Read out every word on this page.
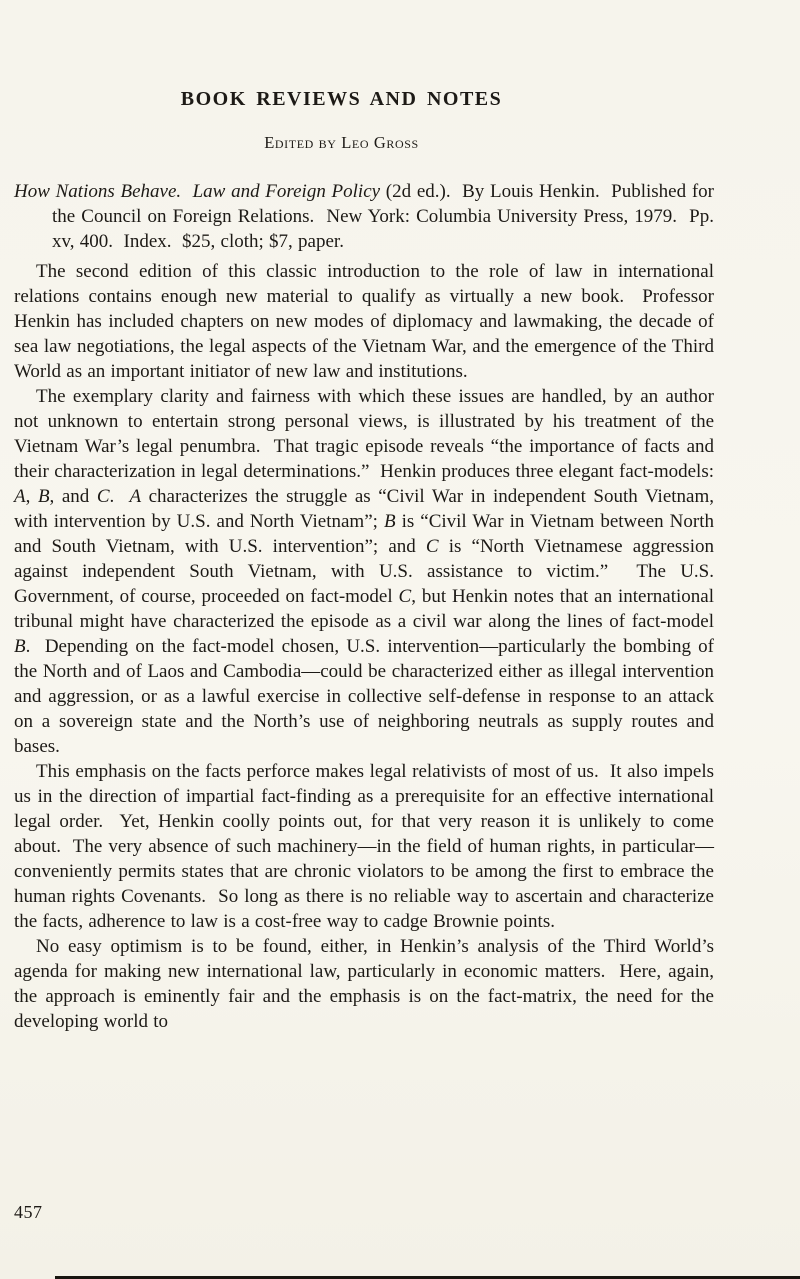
BOOK REVIEWS AND NOTES
Edited by Leo Gross
How Nations Behave.  Law and Foreign Policy (2d ed.).  By Louis Henkin.  Published for the Council on Foreign Relations.  New York: Columbia University Press, 1979.  Pp. xv, 400.  Index.  $25, cloth; $7, paper.

The second edition of this classic introduction to the role of law in international relations contains enough new material to qualify as virtually a new book.  Professor Henkin has included chapters on new modes of diplomacy and lawmaking, the decade of sea law negotiations, the legal aspects of the Vietnam War, and the emergence of the Third World as an important initiator of new law and institutions.

The exemplary clarity and fairness with which these issues are handled, by an author not unknown to entertain strong personal views, is illustrated by his treatment of the Vietnam War’s legal penumbra.  That tragic episode reveals “the importance of facts and their characterization in legal determinations.”  Henkin produces three elegant fact-models: A, B, and C.  A characterizes the struggle as “Civil War in independent South Vietnam, with intervention by U.S. and North Vietnam”; B is “Civil War in Vietnam between North and South Vietnam, with U.S. intervention”; and C is “North Vietnamese aggression against independent South Vietnam, with U.S. assistance to victim.”  The U.S. Government, of course, proceeded on fact-model C, but Henkin notes that an international tribunal might have characterized the episode as a civil war along the lines of fact-model B.  Depending on the fact-model chosen, U.S. intervention—particularly the bombing of the North and of Laos and Cambodia—could be characterized either as illegal intervention and aggression, or as a lawful exercise in collective self-defense in response to an attack on a sovereign state and the North’s use of neighboring neutrals as supply routes and bases.

This emphasis on the facts perforce makes legal relativists of most of us.  It also impels us in the direction of impartial fact-finding as a prerequisite for an effective international legal order.  Yet, Henkin coolly points out, for that very reason it is unlikely to come about.  The very absence of such machinery—in the field of human rights, in particular—conveniently permits states that are chronic violators to be among the first to embrace the human rights Covenants.  So long as there is no reliable way to ascertain and characterize the facts, adherence to law is a cost-free way to cadge Brownie points.

No easy optimism is to be found, either, in Henkin’s analysis of the Third World’s agenda for making new international law, particularly in economic matters.  Here, again, the approach is eminently fair and the emphasis is on the fact-matrix, the need for the developing world to

457
